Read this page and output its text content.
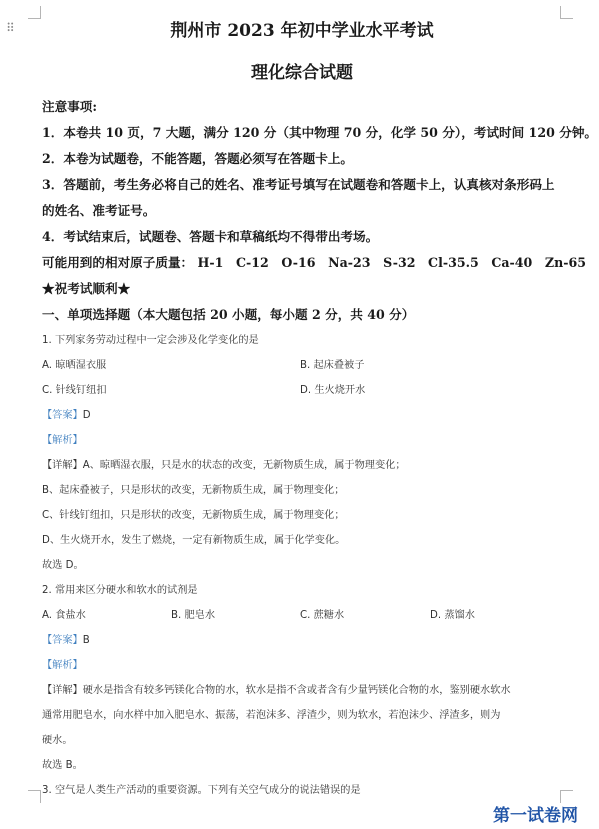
⠿	荆州市 2023 年初中学业水平考试
理化综合试题
注意事项:
1．本卷共 10 页，7 大题，满分 120 分（其中物理 70 分，化学 50 分），考试时间 120 分钟。
2．本卷为试题卷，不能答题，答题必须写在答题卡上。
3．答题前，考生务必将自己的姓名、准考证号填写在试题卷和答题卡上，认真核对条形码上
的姓名、准考证号。
4．考试结束后，试题卷、答题卡和草稿纸均不得带出考场。
可能用到的相对原子质量： H-1　C-12　O-16　Na-23　S-32　Cl-35.5　Ca-40　Zn-65
★祝考试顺利★
一、单项选择题（本大题包括 20 小题，每小题 2 分，共 40 分）
1. 下列家务劳动过程中一定会涉及化学变化的是
A. 晾晒湿衣服	B. 起床叠被子
C. 针线钉纽扣	D. 生火烧开水
【答案】D
【解析】
【详解】A、晾晒湿衣服，只是水的状态的改变，无新物质生成，属于物理变化；
B、起床叠被子，只是形状的改变，无新物质生成，属于物理变化；
C、针线钉纽扣，只是形状的改变，无新物质生成，属于物理变化；
D、生火烧开水，发生了燃烧，一定有新物质生成，属于化学变化。
故选 D。
2. 常用来区分硬水和软水的试剂是
A. 食盐水	B. 肥皂水	C. 蔗糖水	D. 蒸馏水
【答案】B
【解析】
【详解】硬水是指含有较多钙镁化合物的水，软水是指不含或者含有少量钙镁化合物的水，鉴别硬水软水
通常用肥皂水，向水样中加入肥皂水、振荡，若泡沫多、浮渣少，则为软水，若泡沫少、浮渣多，则为
硬水。
故选 B。
3. 空气是人类生产活动的重要资源。下列有关空气成分的说法错误的是
第一试卷网
